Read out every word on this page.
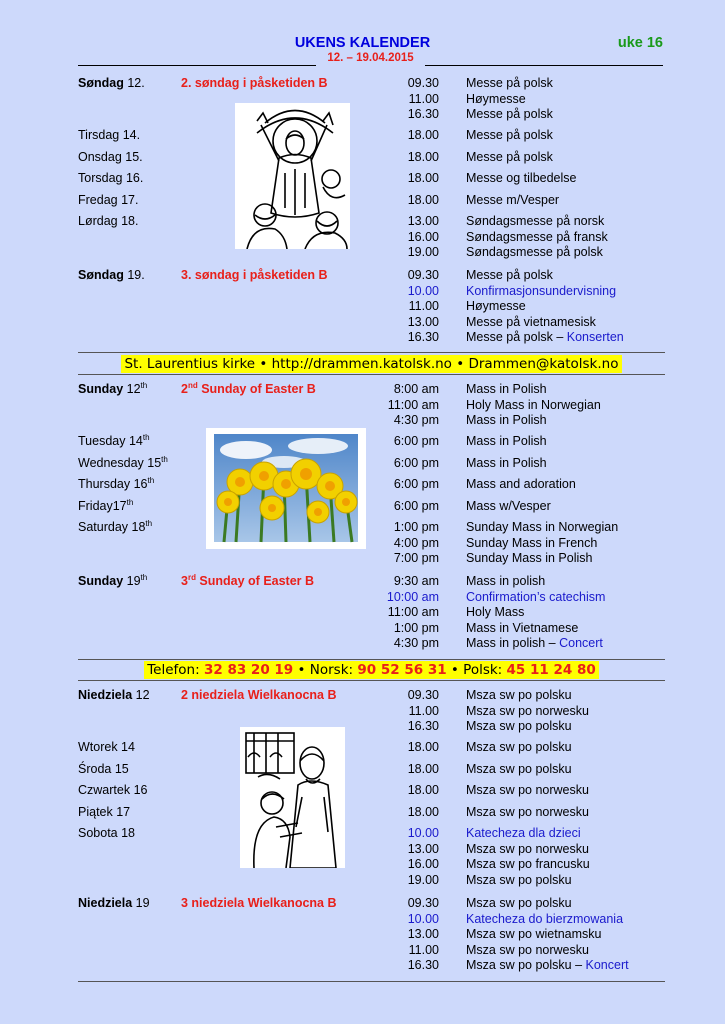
UKENS KALENDER	uke 16
12. – 19.04.2015
St. Laurentius kirke • http://drammen.katolsk.no • Drammen@katolsk.no
Telefon: 32 83 20 19 • Norsk: 90 52 56 31 • Polsk: 45 11 24 80
Søndag 12.	2. søndag i påsketiden B	09.30 Messe på polsk
11.00 Høymesse
16.30 Messe på polsk
Tirsdag 14.	18.00 Messe på polsk
Onsdag 15.	18.00 Messe på polsk
Torsdag 16.	18.00 Messe og tilbedelse
Fredag 17.	18.00 Messe m/Vesper
Lørdag 18.	13.00 Søndagsmesse på norsk
16.00 Søndagsmesse på fransk
19.00 Søndagsmesse på polsk
Søndag 19.	3. søndag i påsketiden B	09.30 Messe på polsk
10.00 Konfirmasjonsundervisning
11.00 Høymesse
13.00 Messe på vietnamesisk
16.30 Messe på polsk – Konserten
Sunday 12th	2nd Sunday of Easter B	8:00 am Mass in Polish
11:00 am Holy Mass in Norwegian
4:30 pm Mass in Polish
Tuesday 14th	6:00 pm Mass in Polish
Wednesday 15th	6:00 pm Mass in Polish
Thursday 16th	6:00 pm Mass and adoration
Friday17th	6:00 pm Mass w/Vesper
Saturday 18th	1:00 pm Sunday Mass in Norwegian
4:00 pm Sunday Mass in French
7:00 pm Sunday Mass in Polish
Sunday 19th	3rd Sunday of Easter B	9:30 am Mass in polish
10:00 am Confirmation’s catechism
11:00 am Holy Mass
1:00 pm Mass in Vietnamese
4:30 pm Mass in polish – Concert
Niedziela 12	2 niedziela Wielkanocna B	09.30 Msza sw po polsku
11.00 Msza sw po norwesku
16.30 Msza sw po polsku
Wtorek 14	18.00 Msza sw po polsku
Środa 15	18.00 Msza sw po polsku
Czwartek 16	18.00 Msza sw po norwesku
Piątek 17	18.00 Msza sw po norwesku
Sobota 18	10.00 Katecheza dla dzieci
13.00 Msza sw po norwesku
16.00 Msza sw po francusku
19.00 Msza sw po polsku
Niedziela 19	3 niedziela Wielkanocna B	09.30 Msza sw po polsku
10.00 Katecheza do bierzmowania
13.00 Msza sw po wietnamsku
11.00 Msza sw po norwesku
16.30 Msza sw po polsku – Koncert
